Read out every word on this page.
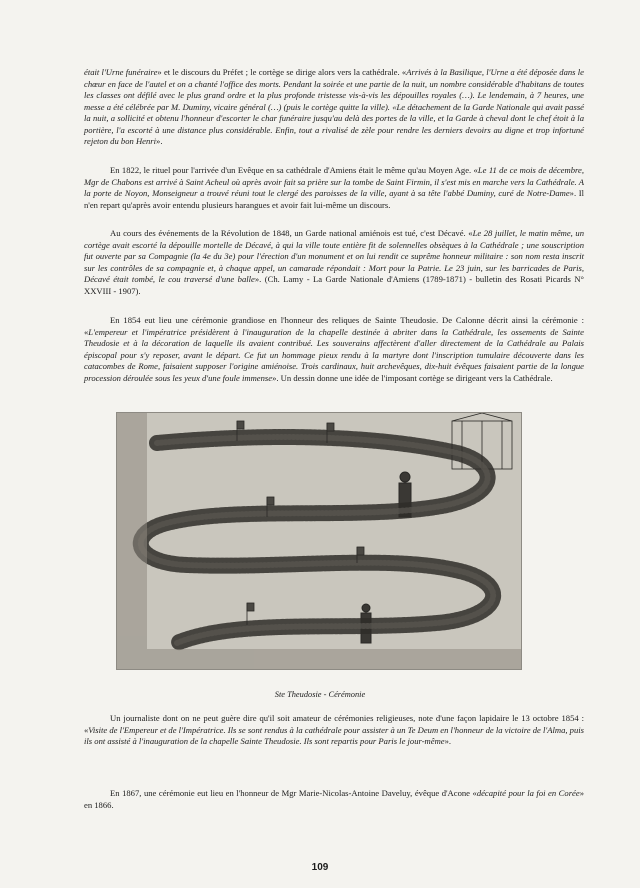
était l'Urne funéraire» et le discours du Préfet ; le cortège se dirige alors vers la cathédrale. «Arrivés à la Basilique, l'Urne a été déposée dans le chœur en face de l'autel et on a chanté l'office des morts. Pendant la soirée et une partie de la nuit, un nombre considérable d'habitans de toutes les classes ont défilé avec le plus grand ordre et la plus profonde tristesse vis-à-vis les dépouilles royales (…). Le lendemain, à 7 heures, une messe a été célébrée par M. Duminy, vicaire général (…) (puis le cortège quitte la ville). «Le détachement de la Garde Nationale qui avait passé la nuit, a sollicité et obtenu l'honneur d'escorter le char funéraire jusqu'au delà des portes de la ville, et la Garde à cheval dont le chef étoit à la portière, l'a escorté à une distance plus considérable. Enfin, tout a rivalisé de zèle pour rendre les derniers devoirs au digne et trop infortuné rejeton du bon Henri».

En 1822, le rituel pour l'arrivée d'un Evêque en sa cathédrale d'Amiens était le même qu'au Moyen Age. «Le 11 de ce mois de décembre, Mgr de Chabons est arrivé à Saint Acheul où après avoir fait sa prière sur la tombe de Saint Firmin, il s'est mis en marche vers la Cathédrale. A la porte de Noyon, Monseigneur a trouvé réuni tout le clergé des paroisses de la ville, ayant à sa tête l'abbé Duminy, curé de Notre-Dame». Il n'en repart qu'après avoir entendu plusieurs harangues et avoir fait lui-même un discours.

Au cours des événements de la Révolution de 1848, un Garde national amiénois est tué, c'est Décavé. «Le 28 juillet, le matin même, un cortège avait escorté la dépouille mortelle de Décavé, à qui la ville toute entière fit de solennelles obsèques à la Cathédrale ; une souscription fut ouverte par sa Compagnie (la 4e du 3e) pour l'érection d'un monument et on lui rendit ce suprême honneur militaire : son nom resta inscrit sur les contrôles de sa compagnie et, à chaque appel, un camarade répondait : Mort pour la Patrie. Le 23 juin, sur les barricades de Paris, Décavé était tombé, le cou traversé d'une balle». (Ch. Lamy - La Garde Nationale d'Amiens (1789-1871) - bulletin des Rosati Picards N° XXVIII - 1907).

En 1854 eut lieu une cérémonie grandiose en l'honneur des reliques de Sainte Theudosie. De Calonne décrit ainsi la cérémonie : «L'empereur et l'impératrice présidèrent à l'inauguration de la chapelle destinée à abriter dans la Cathédrale, les ossements de Sainte Theudosie et à la décoration de laquelle ils avaient contribué. Les souverains affectèrent d'aller directement de la Cathédrale au Palais épiscopal pour s'y reposer, avant le départ. Ce fut un hommage pieux rendu à la martyre dont l'inscription tumulaire découverte dans les catacombes de Rome, faisaient supposer l'origine amiénoise. Trois cardinaux, huit archevêques, dix-huit évêques faisaient partie de la longue procession déroulée sous les yeux d'une foule immense». Un dessin donne une idée de l'imposant cortège se dirigeant vers la Cathédrale.

Ste Theudosie - Cérémonie

Un journaliste dont on ne peut guère dire qu'il soit amateur de cérémonies religieuses, note d'une façon lapidaire le 13 octobre 1854 : «Visite de l'Empereur et de l'Impératrice. Ils se sont rendus à la cathédrale pour assister à un Te Deum en l'honneur de la victoire de l'Alma, puis ils ont assisté à l'inauguration de la chapelle Sainte Theudosie. Ils sont repartis pour Paris le jour-même».

En 1867, une cérémonie eut lieu en l'honneur de Mgr Marie-Nicolas-Antoine Daveluy, évêque d'Acone «décapité pour la foi en Corée» en 1866.

109
